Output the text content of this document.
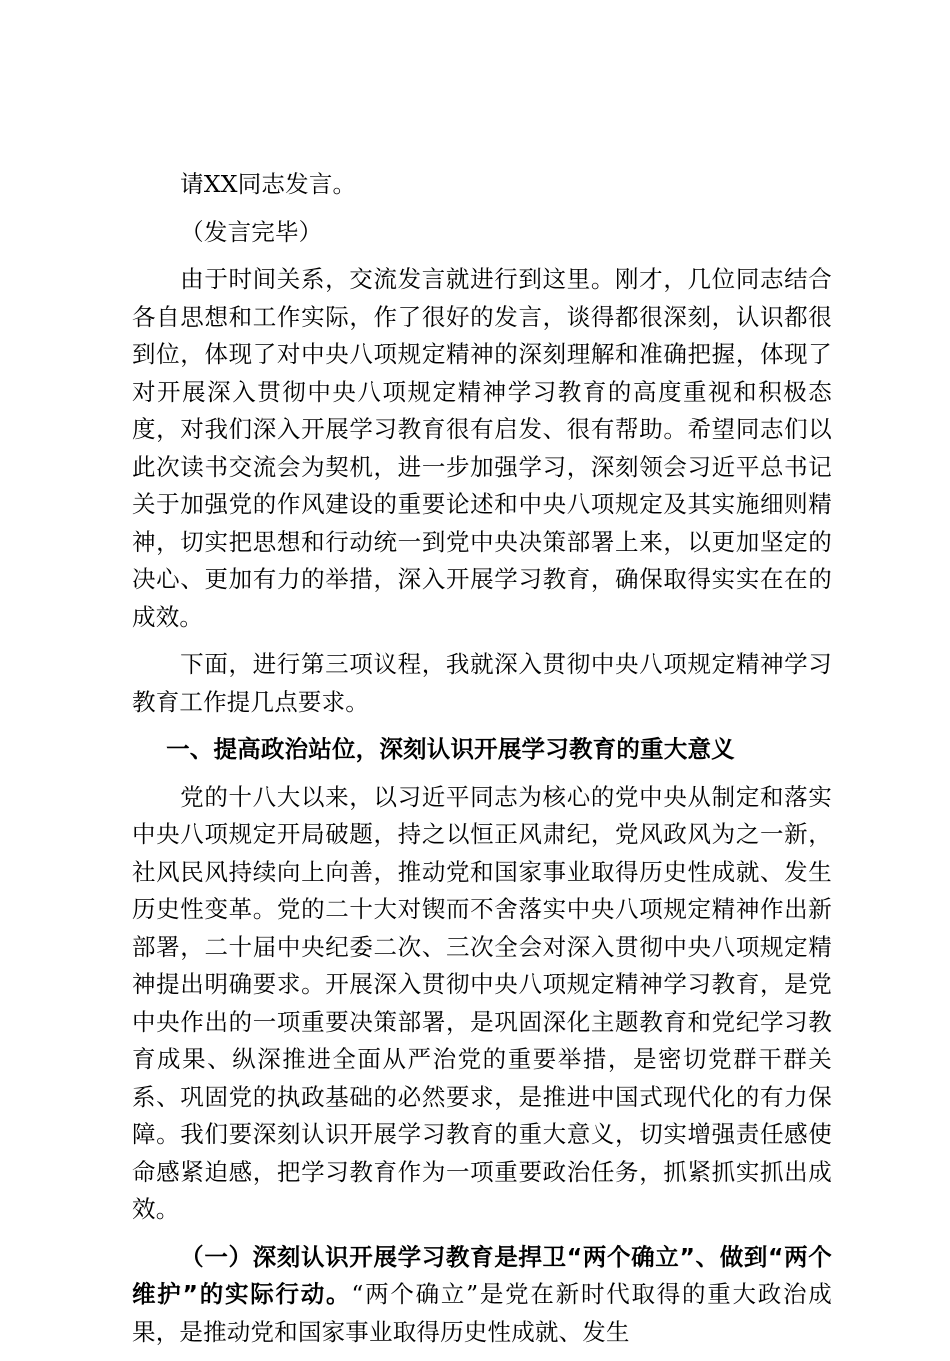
请XX同志发言。

（发言完毕）

由于时间关系，交流发言就进行到这里。刚才，几位同志结合各自思想和工作实际，作了很好的发言，谈得都很深刻，认识都很到位，体现了对中央八项规定精神的深刻理解和准确把握，体现了对开展深入贯彻中央八项规定精神学习教育的高度重视和积极态度，对我们深入开展学习教育很有启发、很有帮助。希望同志们以此次读书交流会为契机，进一步加强学习，深刻领会习近平总书记关于加强党的作风建设的重要论述和中央八项规定及其实施细则精神，切实把思想和行动统一到党中央决策部署上来，以更加坚定的决心、更加有力的举措，深入开展学习教育，确保取得实实在在的成效。

下面，进行第三项议程，我就深入贯彻中央八项规定精神学习教育工作提几点要求。

一、提高政治站位，深刻认识开展学习教育的重大意义

党的十八大以来，以习近平同志为核心的党中央从制定和落实中央八项规定开局破题，持之以恒正风肃纪，党风政风为之一新，社风民风持续向上向善，推动党和国家事业取得历史性成就、发生历史性变革。党的二十大对锲而不舍落实中央八项规定精神作出新部署，二十届中央纪委二次、三次全会对深入贯彻中央八项规定精神提出明确要求。开展深入贯彻中央八项规定精神学习教育，是党中央作出的一项重要决策部署，是巩固深化主题教育和党纪学习教育成果、纵深推进全面从严治党的重要举措，是密切党群干群关系、巩固党的执政基础的必然要求，是推进中国式现代化的有力保障。我们要深刻认识开展学习教育的重大意义，切实增强责任感使命感紧迫感，把学习教育作为一项重要政治任务，抓紧抓实抓出成效。

（一）深刻认识开展学习教育是捍卫“两个确立”、做到“两个维护”的实际行动。“两个确立”是党在新时代取得的重大政治成果，是推动党和国家事业取得历史性成就、发生
